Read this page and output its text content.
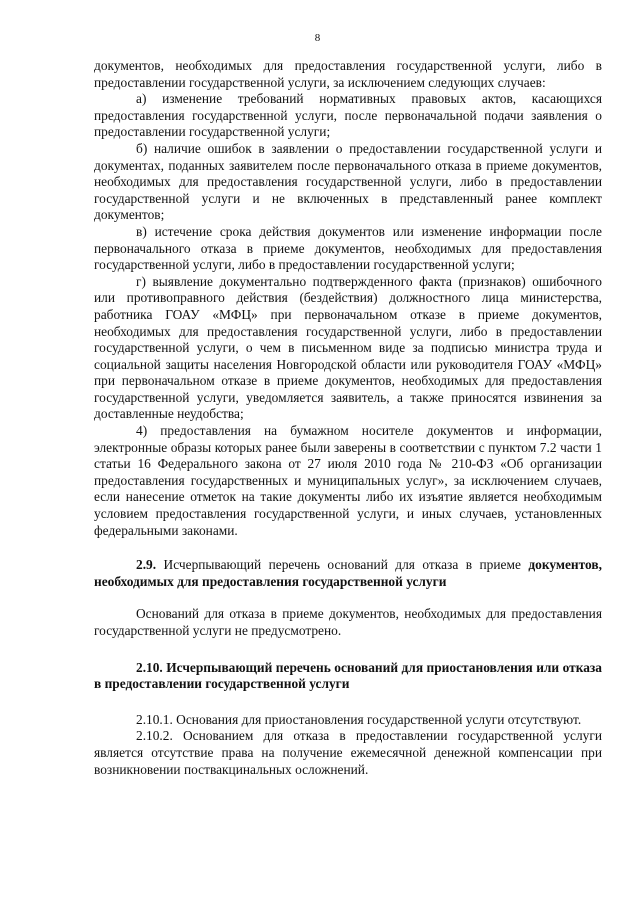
8

документов, необходимых для предоставления государственной услуги, либо в предоставлении государственной услуги, за исключением следующих случаев:

а) изменение требований нормативных правовых актов, касающихся предоставления государственной услуги, после первоначальной подачи заявления о предоставлении государственной услуги;

б) наличие ошибок в заявлении о предоставлении государственной услуги и документах, поданных заявителем после первоначального отказа в приеме документов, необходимых для предоставления государственной услуги, либо в предоставлении государственной услуги и не включенных в представленный ранее комплект документов;

в) истечение срока действия документов или изменение информации после первоначального отказа в приеме документов, необходимых для предоставления государственной услуги, либо в предоставлении государственной услуги;

г) выявление документально подтвержденного факта (признаков) ошибочного или противоправного действия (бездействия) должностного лица министерства, работника ГОАУ «МФЦ» при первоначальном отказе в приеме документов, необходимых для предоставления государственной услуги, либо в предоставлении государственной услуги, о чем в письменном виде за подписью министра труда и социальной защиты населения Новгородской области или руководителя ГОАУ «МФЦ» при первоначальном отказе в приеме документов, необходимых для предоставления государственной услуги, уведомляется заявитель, а также приносятся извинения за доставленные неудобства;

4) предоставления на бумажном носителе документов и информации, электронные образы которых ранее были заверены в соответствии с пунктом 7.2 части 1 статьи 16 Федерального закона от 27 июля 2010 года № 210-ФЗ «Об организации предоставления государственных и муниципальных услуг», за исключением случаев, если нанесение отметок на такие документы либо их изъятие является необходимым условием предоставления государственной услуги, и иных случаев, установленных федеральными законами.

2.9. Исчерпывающий перечень оснований для отказа в приеме документов, необходимых для предоставления государственной услуги

Оснований для отказа в приеме документов, необходимых для предоставления государственной услуги не предусмотрено.

2.10. Исчерпывающий перечень оснований для приостановления или отказа в предоставлении государственной услуги

2.10.1. Основания для приостановления государственной услуги отсутствуют.

2.10.2. Основанием для отказа в предоставлении государственной услуги является отсутствие права на получение ежемесячной денежной компенсации при возникновении поствакцинальных осложнений.
